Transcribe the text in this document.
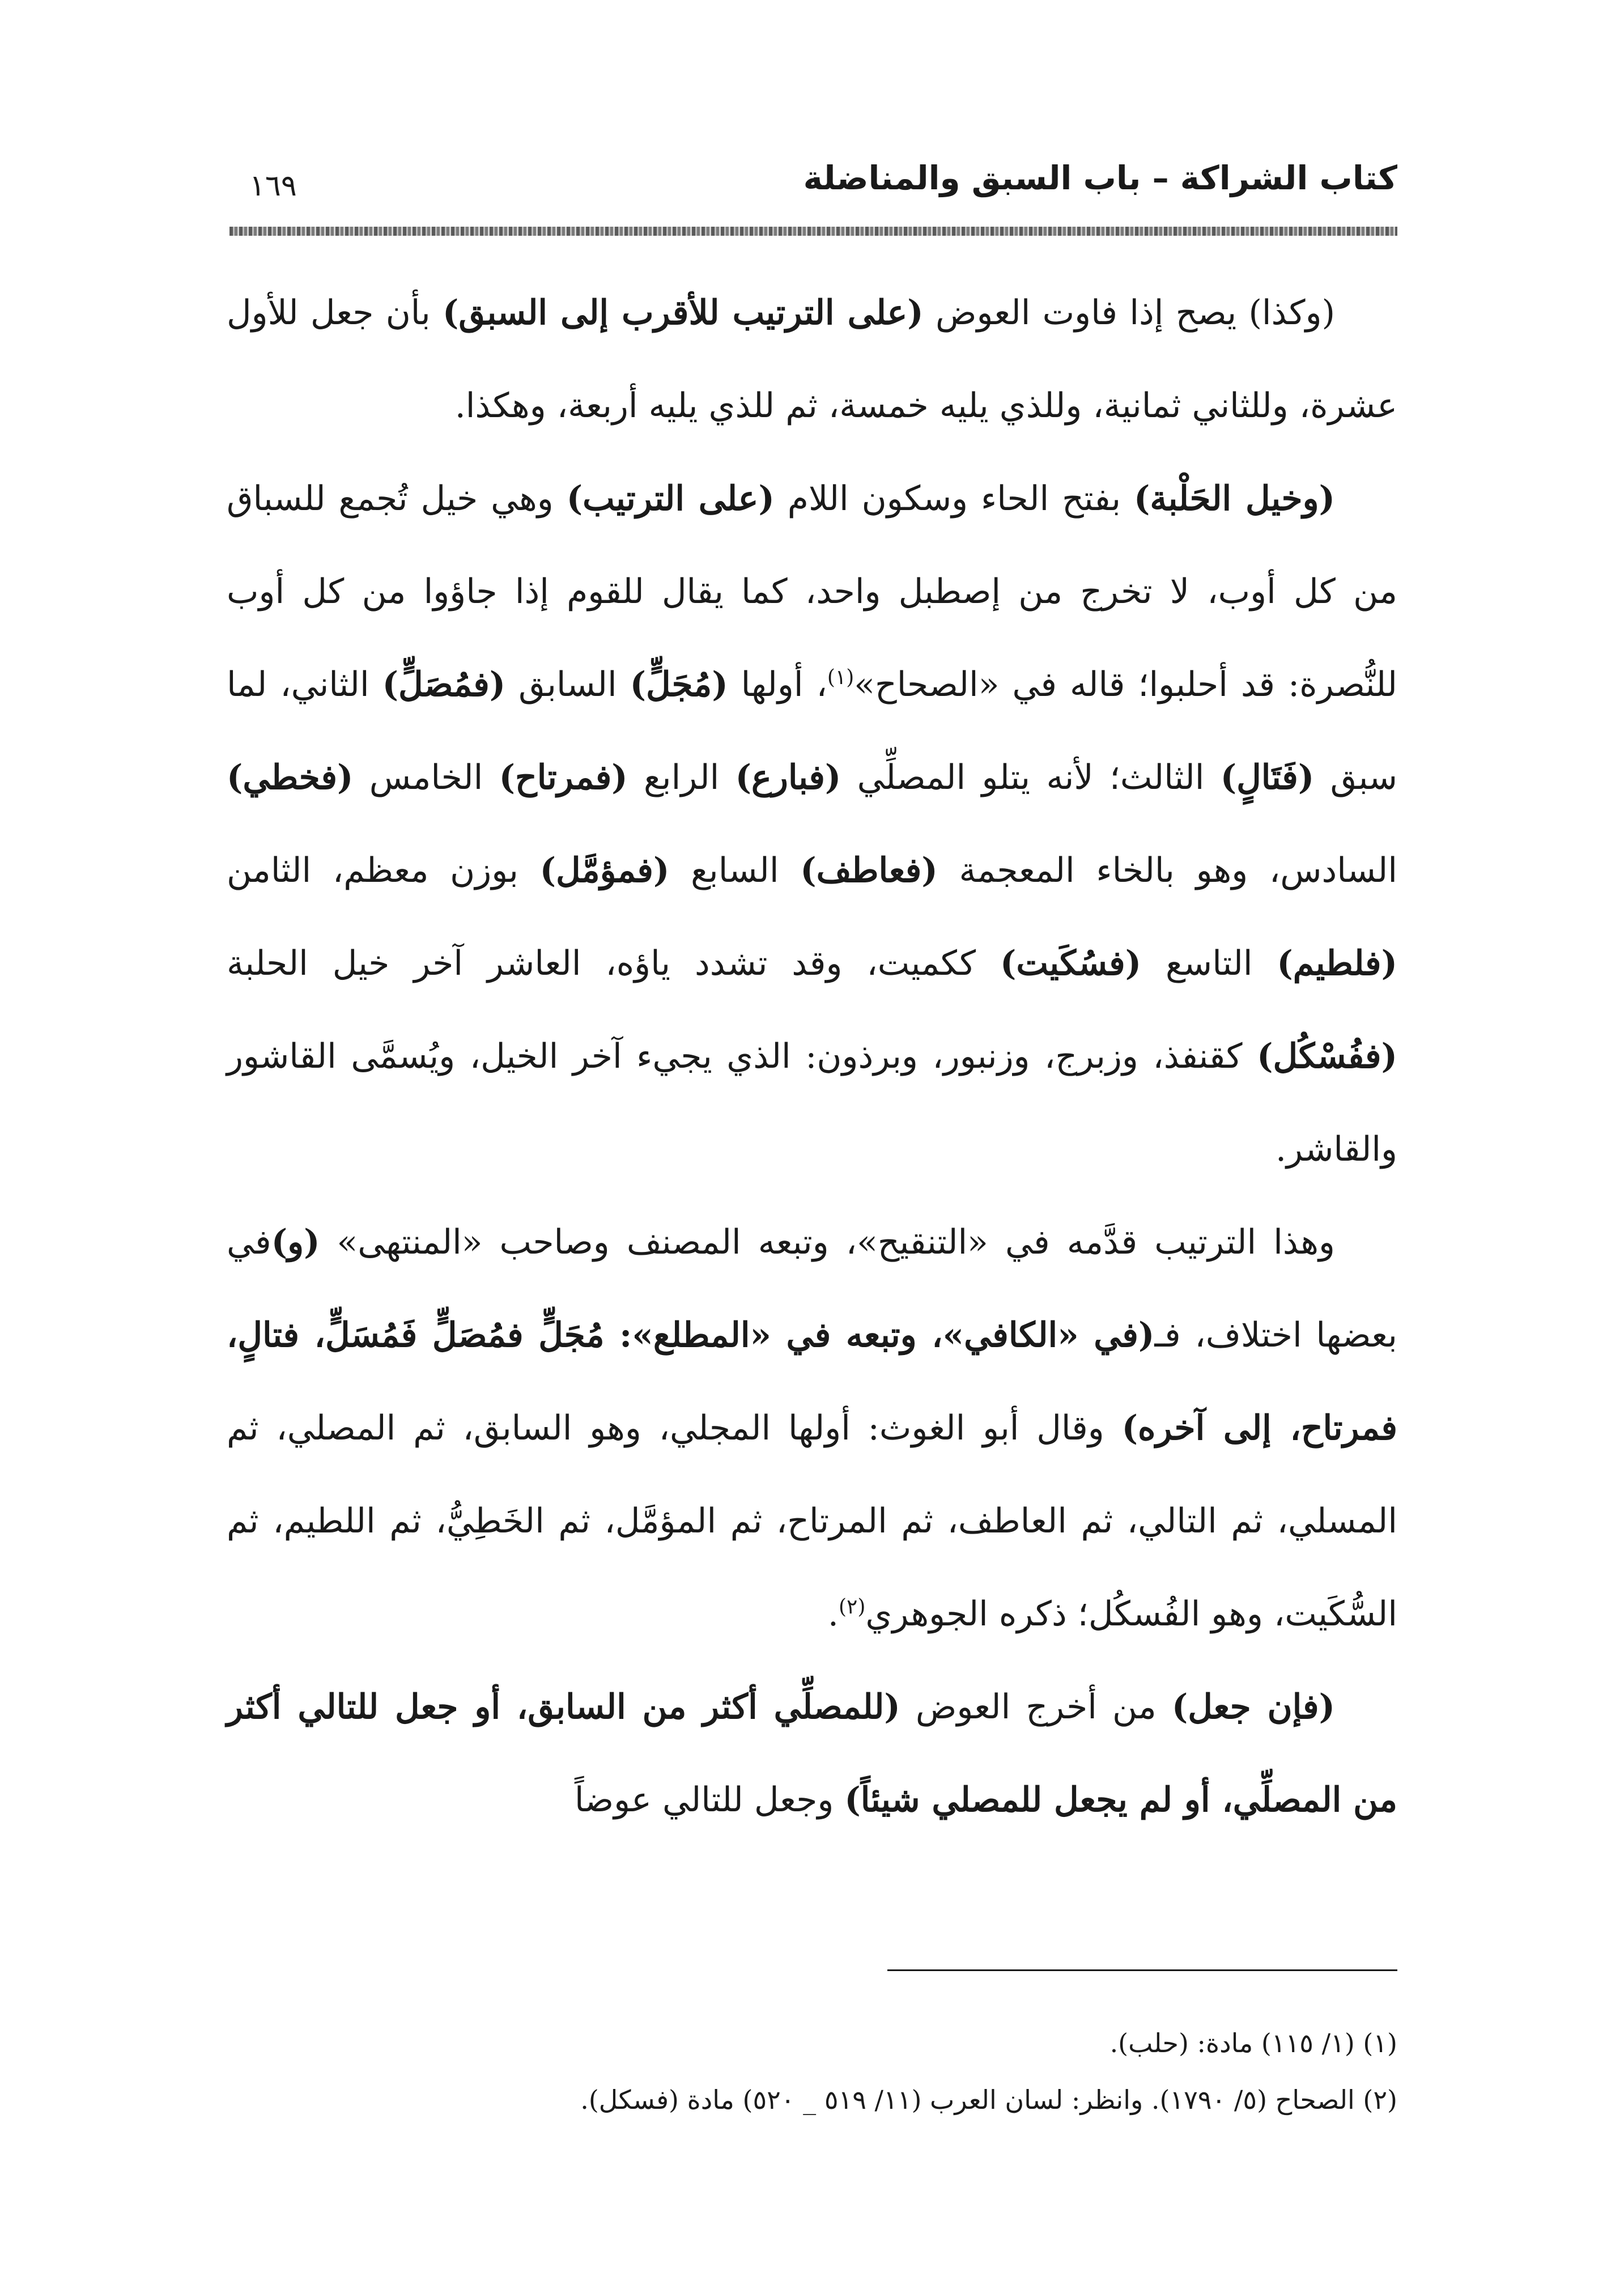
كتاب الشراكة – باب السبق والمناضلة
١٦٩

(وكذا) يصح إذا فاوت العوض (على الترتيب للأقرب إلى السبق) بأن جعل للأول عشرة، وللثاني ثمانية، وللذي يليه خمسة، ثم للذي يليه أربعة، وهكذا.

(وخيل الحَلْبة) بفتح الحاء وسكون اللام (على الترتيب) وهي خيل تُجمع للسباق من كل أوب، لا تخرج من إصطبل واحد، كما يقال للقوم إذا جاؤوا من كل أوب للنُّصرة: قد أحلبوا؛ قاله في «الصحاح»$^{(١)}$، أولها (مُجَلٍّ) السابق (فمُصَلٍّ) الثاني، لما سبق (فَتَالٍ) الثالث؛ لأنه يتلو المصلِّي (فبارع) الرابع (فمرتاح) الخامس (فخطي) السادس، وهو بالخاء المعجمة (فعاطف) السابع (فمؤمَّل) بوزن معظم، الثامن (فلطيم) التاسع (فسُكَيت) ككميت، وقد تشدد ياؤه، العاشر آخر خيل الحلبة (ففُسْكُل) كقنفذ، وزبرج، وزنبور، وبرذون: الذي يجيء آخر الخيل، ويُسمَّى القاشور والقاشر.

وهذا الترتيب قدَّمه في «التنقيح»، وتبعه المصنف وصاحب «المنتهى» (و)في بعضها اختلاف، فـ(في «الكافي»، وتبعه في «المطلع»: مُجَلٍّ فمُصَلٍّ فَمُسَلٍّ، فتالٍ، فمرتاح، إلى آخره) وقال أبو الغوث: أولها المجلي، وهو السابق، ثم المصلي، ثم المسلي، ثم التالي، ثم العاطف، ثم المرتاح، ثم المؤمَّل، ثم الخَطِيُّ، ثم اللطيم، ثم السُّكَيت، وهو الفُسكُل؛ ذكره الجوهري$^{(٢)}$.

(فإن جعل) من أخرج العوض (للمصلِّي أكثر من السابق، أو جعل للتالي أكثر من المصلِّي، أو لم يجعل للمصلي شيئاً) وجعل للتالي عوضاً

(١) (١/ ١١٥) مادة: (حلب).

(٢) الصحاح (٥/ ١٧٩٠). وانظر: لسان العرب (١١/ ٥١٩ _ ٥٢٠) مادة (فسكل).
